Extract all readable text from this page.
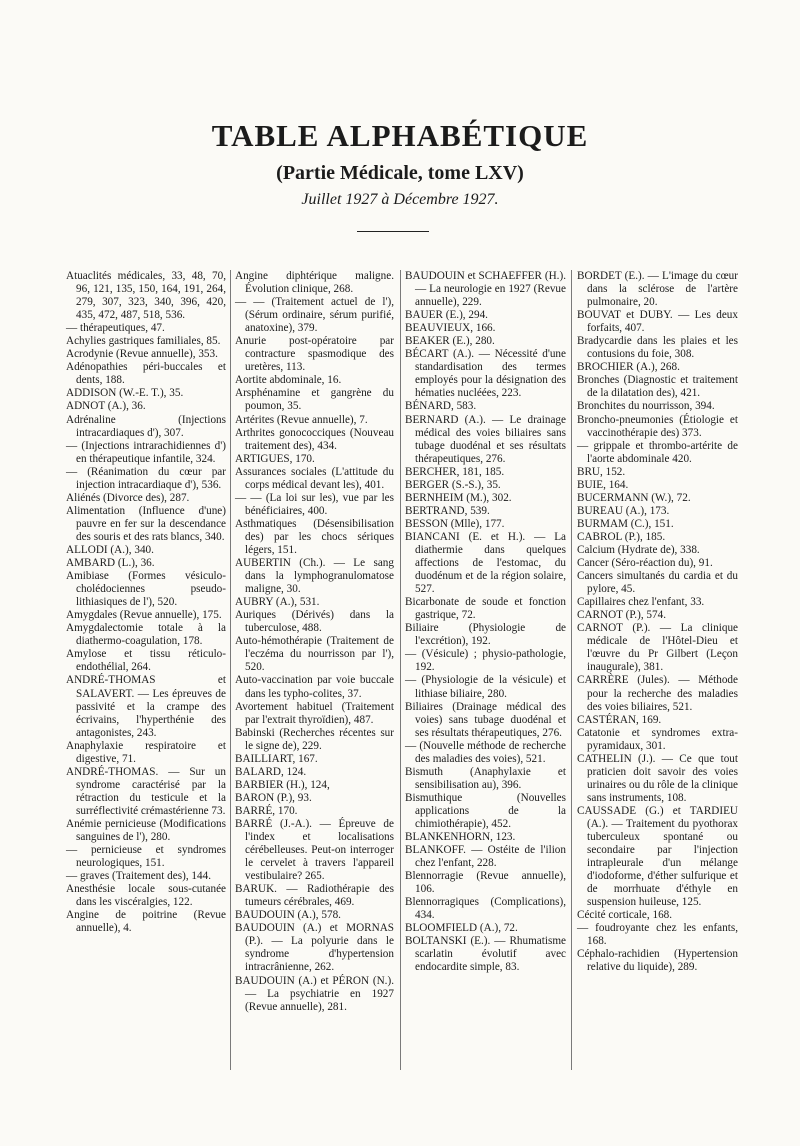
TABLE ALPHABÉTIQUE
(Partie Médicale, tome LXV)
Juillet 1927 à Décembre 1927.

Atuaclités médicales, 33, 48, 70, 96, 121, 135, 150, 164, 191, 264, 279, 307, 323, 340, 396, 420, 435, 472, 487, 518, 536.

— thérapeutiques, 47.

Achylies gastriques familiales, 85.

Acrodynie (Revue annuelle), 353.

Adénopathies péri-buccales et dents, 188.

ADDISON (W.-E. T.), 35.

ADNOT (A.), 36.

Adrénaline (Injections intracardiaques d'), 307.

— (Injections intrarachidiennes d') en thérapeutique infantile, 324.

— (Réanimation du cœur par injection intracardiaque d'), 536.

Aliénés (Divorce des), 287.

Alimentation (Influence d'une) pauvre en fer sur la descendance des souris et des rats blancs, 340.

ALLODI (A.), 340.

AMBARD (L.), 36.

Amibiase (Formes vésiculo-cholédociennes pseudo-lithiasiques de l'), 520.

Amygdales (Revue annuelle), 175.

Amygdalectomie totale à la diathermo-coagulation, 178.

Amylose et tissu réticulo-endothélial, 264.

ANDRÉ-THOMAS et SALAVERT. — Les épreuves de passivité et la crampe des écrivains, l'hyperthénie des antagonistes, 243.

Anaphylaxie respiratoire et digestive, 71.

ANDRÉ-THOMAS. — Sur un syndrome caractérisé par la rétraction du testicule et la surréflectivité crémastérienne 73.

Anémie pernicieuse (Modifications sanguines de l'), 280.

— pernicieuse et syndromes neurologiques, 151.

— graves (Traitement des), 144.

Anesthésie locale sous-cutanée dans les viscéralgies, 122.

Angine de poitrine (Revue annuelle), 4.

Angine diphtérique maligne. Évolution clinique, 268.

— — (Traitement actuel de l'), (Sérum ordinaire, sérum purifié, anatoxine), 379.

Anurie post-opératoire par contracture spasmodique des uretères, 113.

Aortite abdominale, 16.

Arsphénamine et gangrène du poumon, 35.

Artérites (Revue annuelle), 7.

Arthrites gonococciques (Nouveau traitement des), 434.

ARTIGUES, 170.

Assurances sociales (L'attitude du corps médical devant les), 401.

— — (La loi sur les), vue par les bénéficiaires, 400.

Asthmatiques (Désensibilisation des) par les chocs sériques légers, 151.

AUBERTIN (Ch.). — Le sang dans la lymphogranulomatose maligne, 30.

AUBRY (A.), 531.

Auriques (Dérivés) dans la tuberculose, 488.

Auto-hémothérapie (Traitement de l'eczéma du nourrisson par l'), 520.

Auto-vaccination par voie buccale dans les typho-colites, 37.

Avortement habituel (Traitement par l'extrait thyroïdien), 487.

Babinski (Recherches récentes sur le signe de), 229.

BAILLIART, 167.

BALARD, 124.

BARBIER (H.), 124,

BARON (P.), 93.

BARRÉ, 170.

BARRÉ (J.-A.). — Épreuve de l'index et localisations cérébelleuses. Peut-on interroger le cervelet à travers l'appareil vestibulaire? 265.

BARUK. — Radiothérapie des tumeurs cérébrales, 469.

BAUDOUIN (A.), 578.

BAUDOUIN (A.) et MORNAS (P.). — La polyurie dans le syndrome d'hypertension intracrânienne, 262.

BAUDOUIN (A.) et PÉRON (N.). — La psychiatrie en 1927 (Revue annuelle), 281.

BAUDOUIN et SCHAEFFER (H.). — La neurologie en 1927 (Revue annuelle), 229.

BAUER (E.), 294.

BEAUVIEUX, 166.

BEAKER (E.), 280.

BÉCART (A.). — Nécessité d'une standardisation des termes employés pour la désignation des hématies nucléées, 223.

BÉNARD, 583.

BERNARD (A.). — Le drainage médical des voies biliaires sans tubage duodénal et ses résultats thérapeutiques, 276.

BERCHER, 181, 185.

BERGER (S.-S.), 35.

BERNHEIM (M.), 302.

BERTRAND, 539.

BESSON (Mlle), 177.

BIANCANI (E. et H.). — La diathermie dans quelques affections de l'estomac, du duodénum et de la région solaire, 527.

Bicarbonate de soude et fonction gastrique, 72.

Biliaire (Physiologie de l'excrétion), 192.

— (Vésicule) ; physio-pathologie, 192.

— (Physiologie de la vésicule) et lithiase biliaire, 280.

Biliaires (Drainage médical des voies) sans tubage duodénal et ses résultats thérapeutiques, 276.

— (Nouvelle méthode de recherche des maladies des voies), 521.

Bismuth (Anaphylaxie et sensibilisation au), 396.

Bismuthique (Nouvelles applications de la chimiothérapie), 452.

BLANKENHORN, 123.

BLANKOFF. — Ostéite de l'ilion chez l'enfant, 228.

Blennorragie (Revue annuelle), 106.

Blennorragiques (Complications), 434.

BLOOMFIELD (A.), 72.

BOLTANSKI (E.). — Rhumatisme scarlatin évolutif avec endocardite simple, 83.

BORDET (E.). — L'image du cœur dans la sclérose de l'artère pulmonaire, 20.

BOUVAT et DUBY. — Les deux forfaits, 407.

Bradycardie dans les plaies et les contusions du foie, 308.

BROCHIER (A.), 268.

Bronches (Diagnostic et traitement de la dilatation des), 421.

Bronchites du nourrisson, 394.

Broncho-pneumonies (Étiologie et vaccinothérapie des) 373.

— grippale et thrombo-artérite de l'aorte abdominale 420.

BRU, 152.

BUIE, 164.

BUCERMANN (W.), 72.

BUREAU (A.), 173.

BURMAM (C.), 151.

CABROL (P.), 185.

Calcium (Hydrate de), 338.

Cancer (Séro-réaction du), 91.

Cancers simultanés du cardia et du pylore, 45.

Capillaires chez l'enfant, 33.

CARNOT (P.), 574.

CARNOT (P.). — La clinique médicale de l'Hôtel-Dieu et l'œuvre du Pr Gilbert (Leçon inaugurale), 381.

CARRÈRE (Jules). — Méthode pour la recherche des maladies des voies biliaires, 521.

CASTÉRAN, 169.

Catatonie et syndromes extra-pyramidaux, 301.

CATHELIN (J.). — Ce que tout praticien doit savoir des voies urinaires ou du rôle de la clinique sans instruments, 108.

CAUSSADE (G.) et TARDIEU (A.). — Traitement du pyothorax tuberculeux spontané ou secondaire par l'injection intrapleurale d'un mélange d'iodoforme, d'éther sulfurique et de morrhuate d'éthyle en suspension huileuse, 125.

Cécité corticale, 168.

— foudroyante chez les enfants, 168.

Céphalo-rachidien (Hypertension relative du liquide), 289.
